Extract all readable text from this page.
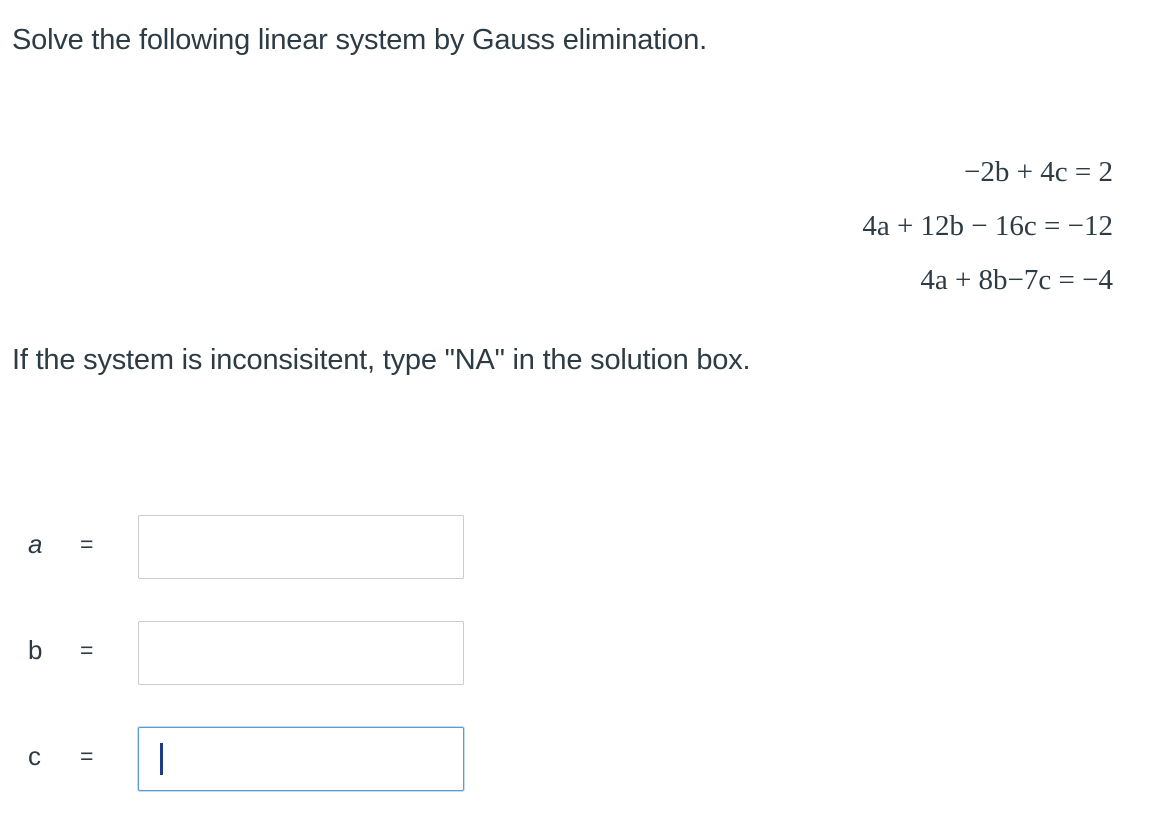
Solve the following linear system by Gauss elimination.
−2b + 4c = 2
4a + 12b − 16c = −12
4a + 8b−7c = −4
If the system is inconsisitent, type "NA" in the solution box.
a	=
b	=
c	=
